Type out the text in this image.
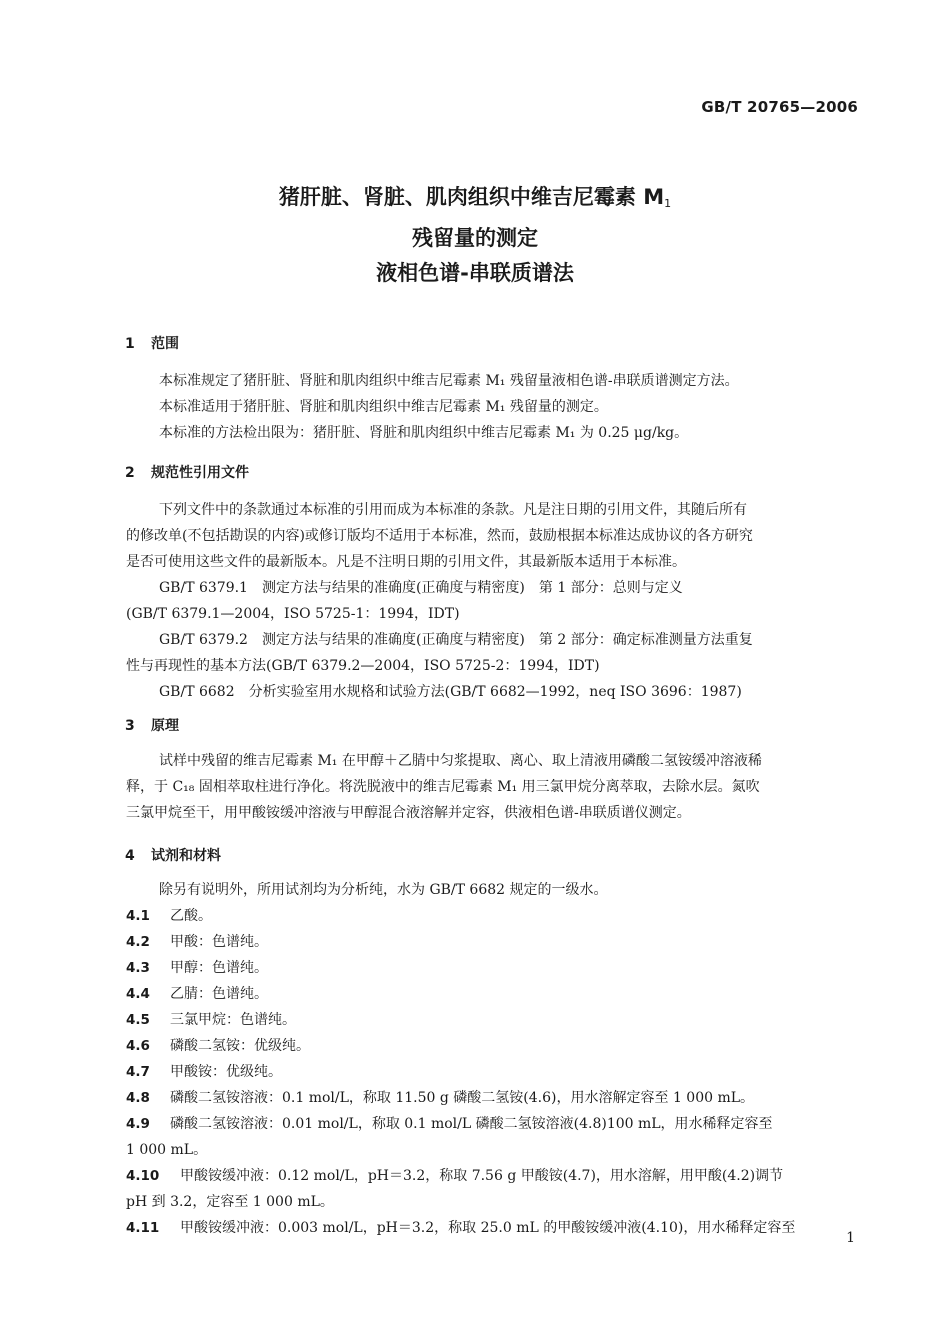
GB/T 20765—2006
猪肝脏、肾脏、肌肉组织中维吉尼霉素 $M_1$
残留量的测定
液相色谱-串联质谱法
1 范围
本标准规定了猪肝脏、肾脏和肌肉组织中维吉尼霉素 M₁ 残留量液相色谱-串联质谱测定方法。
本标准适用于猪肝脏、肾脏和肌肉组织中维吉尼霉素 M₁ 残留量的测定。
本标准的方法检出限为：猪肝脏、肾脏和肌肉组织中维吉尼霉素 M₁ 为 0.25 μg/kg。
2 规范性引用文件
下列文件中的条款通过本标准的引用而成为本标准的条款。凡是注日期的引用文件，其随后所有
的修改单(不包括勘误的内容)或修订版均不适用于本标准，然而，鼓励根据本标准达成协议的各方研究
是否可使用这些文件的最新版本。凡是不注明日期的引用文件，其最新版本适用于本标准。
GB/T 6379.1　测定方法与结果的准确度(正确度与精密度)　第 1 部分：总则与定义
(GB/T 6379.1—2004，ISO 5725-1：1994，IDT)
GB/T 6379.2　测定方法与结果的准确度(正确度与精密度)　第 2 部分：确定标准测量方法重复
性与再现性的基本方法(GB/T 6379.2—2004，ISO 5725-2：1994，IDT)
GB/T 6682　分析实验室用水规格和试验方法(GB/T 6682—1992，neq ISO 3696：1987)
3 原理
试样中残留的维吉尼霉素 M₁ 在甲醇＋乙腈中匀浆提取、离心、取上清液用磷酸二氢铵缓冲溶液稀
释，于 C₁₈ 固相萃取柱进行净化。将洗脱液中的维吉尼霉素 M₁ 用三氯甲烷分离萃取，去除水层。氮吹
三氯甲烷至干，用甲酸铵缓冲溶液与甲醇混合液溶解并定容，供液相色谱-串联质谱仪测定。
4 试剂和材料
除另有说明外，所用试剂均为分析纯，水为 GB/T 6682 规定的一级水。
4.1 乙酸。
4.2 甲酸：色谱纯。
4.3 甲醇：色谱纯。
4.4 乙腈：色谱纯。
4.5 三氯甲烷：色谱纯。
4.6 磷酸二氢铵：优级纯。
4.7 甲酸铵：优级纯。
4.8 磷酸二氢铵溶液：0.1 mol/L，称取 11.50 g 磷酸二氢铵(4.6)，用水溶解定容至 1 000 mL。
4.9 磷酸二氢铵溶液：0.01 mol/L，称取 0.1 mol/L 磷酸二氢铵溶液(4.8)100 mL，用水稀释定容至
1 000 mL。
4.10 甲酸铵缓冲液：0.12 mol/L，pH＝3.2，称取 7.56 g 甲酸铵(4.7)，用水溶解，用甲酸(4.2)调节
pH 到 3.2，定容至 1 000 mL。
4.11 甲酸铵缓冲液：0.003 mol/L，pH＝3.2，称取 25.0 mL 的甲酸铵缓冲液(4.10)，用水稀释定容至
1
